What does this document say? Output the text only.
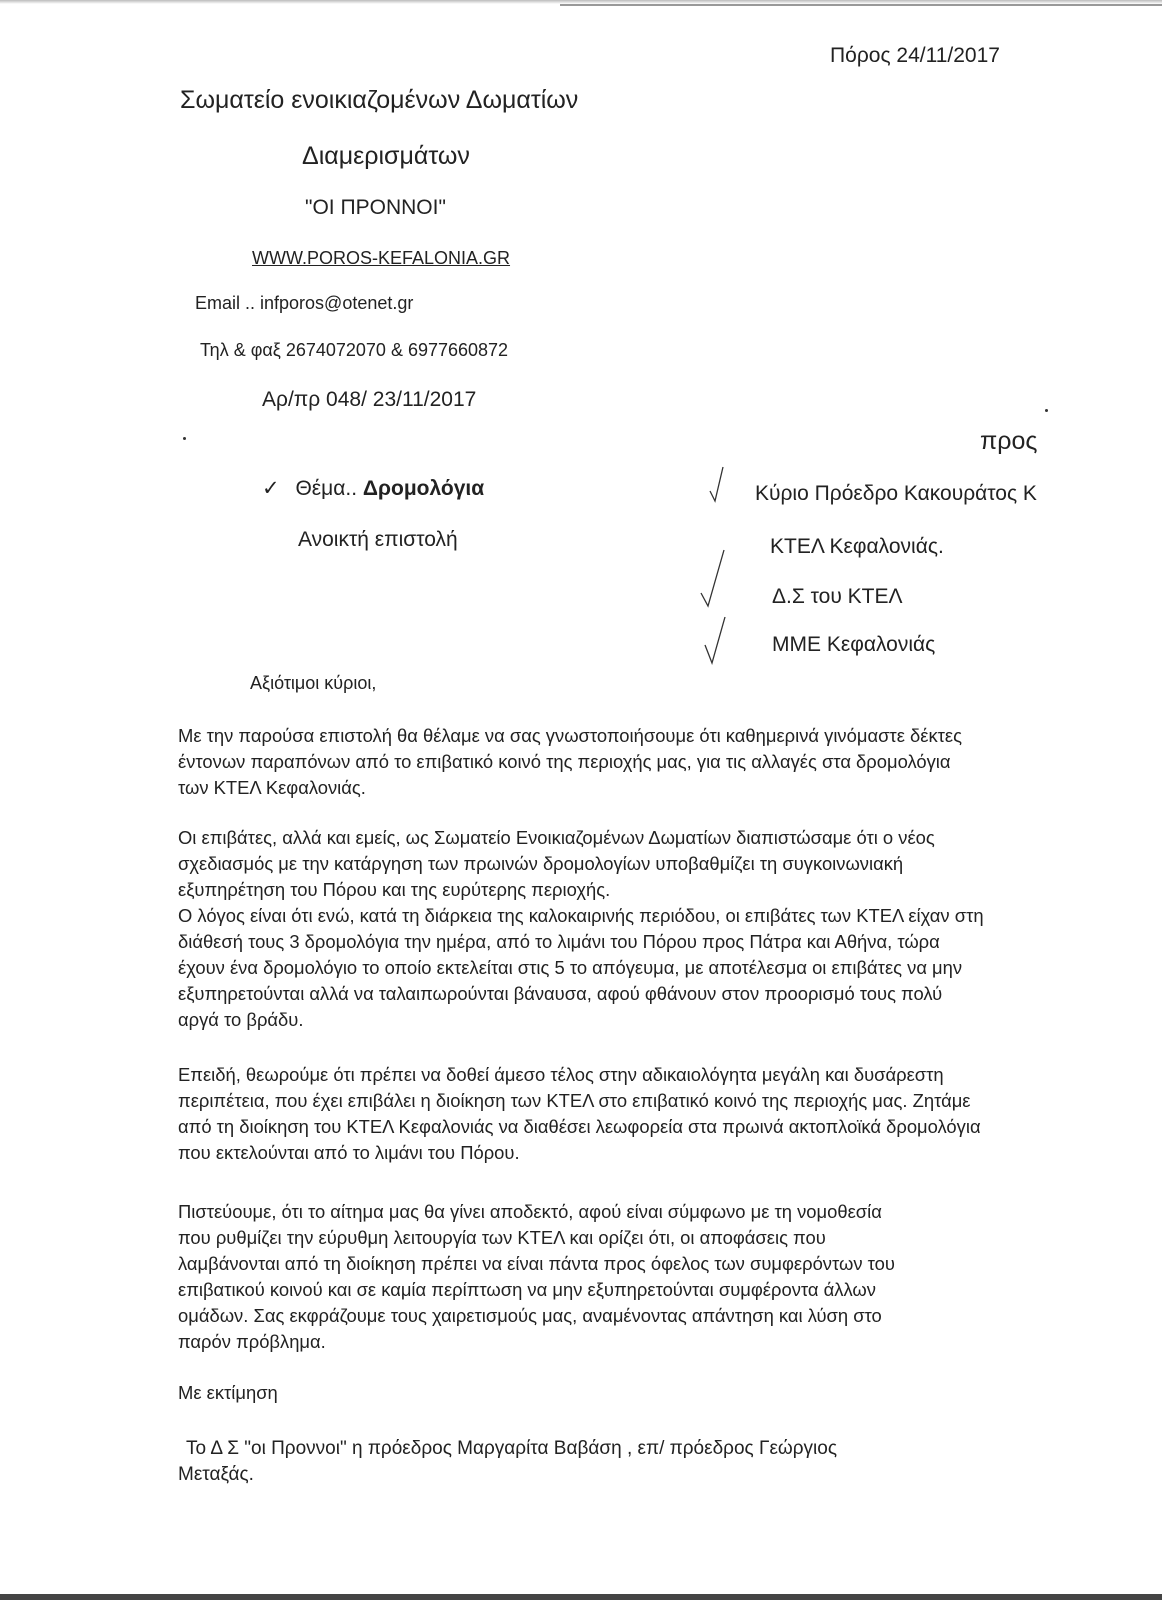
Πόρος 24/11/2017
Σωματείο ενοικιαζομένων Δωματίων
Διαμερισμάτων
"ΟΙ ΠΡΟΝΝΟΙ"
WWW.POROS-KEFALONIA.GR
Email .. infporos@otenet.gr
Τηλ & φαξ 2674072070 & 6977660872
Αρ/πρ 048/ 23/11/2017
✓ Θέμα.. Δρομολόγια
Ανοικτή επιστολή
προς
Κύριο Πρόεδρο Κακουράτος Κ
ΚΤΕΛ Κεφαλονιάς.
Δ.Σ του ΚΤΕΛ
ΜΜΕ Κεφαλονιάς
Αξιότιμοι κύριοι,

Με την παρούσα επιστολή θα θέλαμε να σας γνωστοποιήσουμε ότι καθημερινά γινόμαστε δέκτες

έντονων παραπόνων από το επιβατικό κοινό της περιοχής μας, για τις αλλαγές στα δρομολόγια

των ΚΤΕΛ Κεφαλονιάς.

Οι επιβάτες, αλλά και εμείς, ως Σωματείο Ενοικιαζομένων Δωματίων διαπιστώσαμε ότι ο νέος

σχεδιασμός με την κατάργηση των πρωινών δρομολογίων υποβαθμίζει τη συγκοινωνιακή

εξυπηρέτηση του Πόρου και της ευρύτερης περιοχής.

Ο λόγος είναι ότι ενώ, κατά τη διάρκεια της καλοκαιρινής περιόδου, οι επιβάτες των ΚΤΕΛ είχαν στη

διάθεσή τους 3 δρομολόγια την ημέρα, από το λιμάνι του Πόρου προς Πάτρα και Αθήνα, τώρα

έχουν ένα δρομολόγιο το οποίο εκτελείται στις 5 το απόγευμα, με αποτέλεσμα οι επιβάτες να μην

εξυπηρετούνται αλλά να ταλαιπωρούνται βάναυσα, αφού φθάνουν στον προορισμό τους πολύ

αργά το βράδυ.

Επειδή, θεωρούμε ότι πρέπει να δοθεί άμεσο τέλος στην αδικαιολόγητα μεγάλη και δυσάρεστη

περιπέτεια, που έχει επιβάλει η διοίκηση των ΚΤΕΛ στο επιβατικό κοινό της περιοχής μας. Ζητάμε

από τη διοίκηση του ΚΤΕΛ Κεφαλονιάς να διαθέσει λεωφορεία στα πρωινά ακτοπλοϊκά δρομολόγια

που εκτελούνται από το λιμάνι του Πόρου.

Πιστεύουμε, ότι το αίτημα μας θα γίνει αποδεκτό, αφού είναι σύμφωνο με τη νομοθεσία

που ρυθμίζει την εύρυθμη λειτουργία των ΚΤΕΛ και ορίζει ότι, οι αποφάσεις που

λαμβάνονται από τη διοίκηση πρέπει να είναι πάντα προς όφελος των συμφερόντων του

επιβατικού κοινού και σε καμία περίπτωση να μην εξυπηρετούνται συμφέροντα άλλων

ομάδων. Σας εκφράζουμε τους χαιρετισμούς μας, αναμένοντας απάντηση και λύση στο

παρόν πρόβλημα.

Με εκτίμηση

Το Δ Σ "οι Προννοι" η πρόεδρος Μαργαρίτα Βαβάση , επ/ πρόεδρος Γεώργιος

Μεταξάς.
